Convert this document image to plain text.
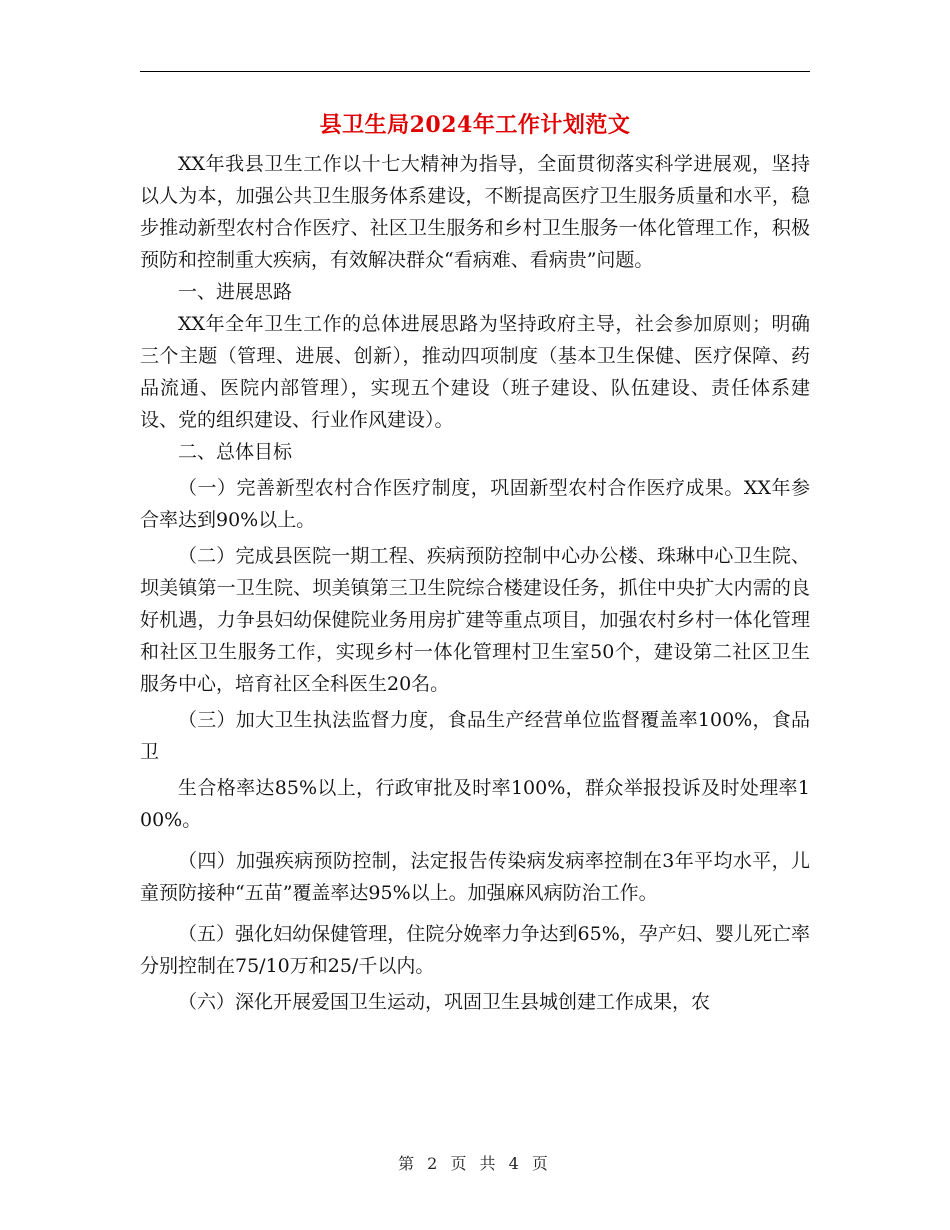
县卫生局2024年工作计划范文

XX年我县卫生工作以十七大精神为指导，全面贯彻落实科学进展观，坚持以人为本，加强公共卫生服务体系建设，不断提高医疗卫生服务质量和水平，稳步推动新型农村合作医疗、社区卫生服务和乡村卫生服务一体化管理工作，积极预防和控制重大疾病，有效解决群众“看病难、看病贵”问题。

一、进展思路

XX年全年卫生工作的总体进展思路为坚持政府主导，社会参加原则；明确三个主题（管理、进展、创新），推动四项制度（基本卫生保健、医疗保障、药品流通、医院内部管理），实现五个建设（班子建设、队伍建设、责任体系建设、党的组织建设、行业作风建设）。

二、总体目标

（一）完善新型农村合作医疗制度，巩固新型农村合作医疗成果。XX年参合率达到90%以上。

（二）完成县医院一期工程、疾病预防控制中心办公楼、珠琳中心卫生院、坝美镇第一卫生院、坝美镇第三卫生院综合楼建设任务，抓住中央扩大内需的良好机遇，力争县妇幼保健院业务用房扩建等重点项目，加强农村乡村一体化管理和社区卫生服务工作，实现乡村一体化管理村卫生室50个，建设第二社区卫生服务中心，培育社区全科医生20名。

（三）加大卫生执法监督力度，食品生产经营单位监督覆盖率100%，食品卫

生合格率达85%以上，行政审批及时率100%，群众举报投诉及时处理率100%。

（四）加强疾病预防控制，法定报告传染病发病率控制在3年平均水平，儿童预防接种“五苗”覆盖率达95%以上。加强麻风病防治工作。

（五）强化妇幼保健管理，住院分娩率力争达到65%，孕产妇、婴儿死亡率分别控制在75/10万和25/千以内。

（六）深化开展爱国卫生运动，巩固卫生县城创建工作成果，农

第 2 页 共 4 页
